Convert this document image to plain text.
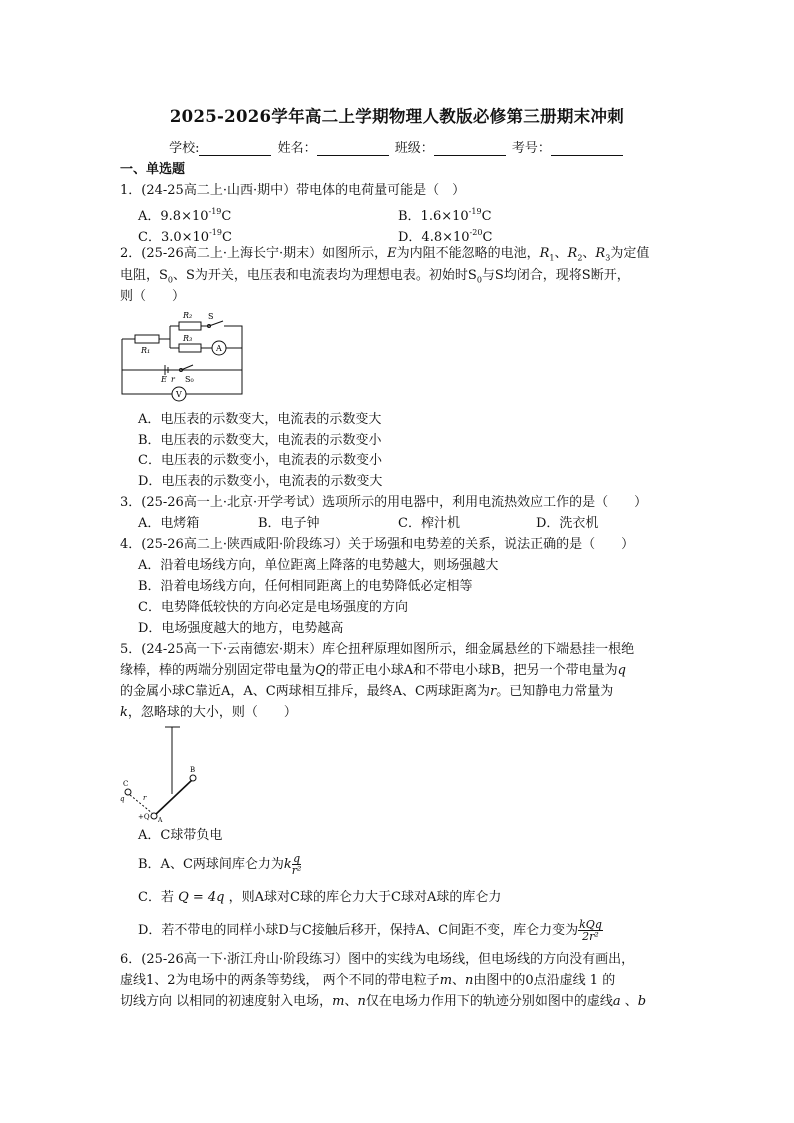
2025-2026学年高二上学期物理人教版必修第三册期末冲刺
学校:	姓名：	班级：	考号：
一、单选题
1．(24-25高二上·山西·期中）带电体的电荷量可能是（　）
A．$9.8\times 10^{-19}C$	B．$1.6\times 10^{-19}C$
C．$3.0\times 10^{-19}C$	D．$4.8\times 10^{-20}C$
2．(25-26高二上·上海长宁·期末）如图所示，E为内阻不能忽略的电池，$R_1$、$R_2$、$R_3$为定值
电阻，$S_0$、S为开关，电压表和电流表均为理想电表。初始时$S_0$与S均闭合，现将S断开，
则（　　）
R₂ S
R₁
R₃
A
E r S₀
V
A．电压表的示数变大，电流表的示数变大
B．电压表的示数变大，电流表的示数变小
C．电压表的示数变小，电流表的示数变小
D．电压表的示数变小，电流表的示数变大
3．(25-26高一上·北京·开学考试）选项所示的用电器中，利用电流热效应工作的是（　　）
A．电烤箱	B．电子钟	C．榨汁机	D．洗衣机
4．(25-26高二上·陕西咸阳·阶段练习）关于场强和电势差的关系，说法正确的是（　　）
A．沿着电场线方向，单位距离上降落的电势越大，则场强越大
B．沿着电场线方向，任何相同距离上的电势降低必定相等
C．电势降低较快的方向必定是电场强度的方向
D．电场强度越大的地方，电势越高
5．(24-25高一下·云南德宏·期末）库仑扭秤原理如图所示，细金属悬丝的下端悬挂一根绝
缘棒，棒的两端分别固定带电量为Q的带正电小球A和不带电小球B，把另一个带电量为q
的金属小球C靠近A，A、C两球相互排斥，最终A、C两球距离为r。已知静电力常量为
k，忽略球的大小，则（　　）
B
C
q	r
+Q A
A．C球带负电
B．A、C两球间库仑力为k $\frac{q}{\text{r²}}$
C．若 Q = 4q ，则A球对C球的库仑力大于C球对A球的库仑力
D．若不带电的同样小球D与C接触后移开，保持A、C间距不变，库仑力变为 $\frac{\text{kQq}}{\text{2r²}}$
6．(25-26高一下·浙江舟山·阶段练习）图中的实线为电场线，但电场线的方向没有画出，
虚线1、2为电场中的两条等势线， 两个不同的带电粒子m、n由图中的0点沿虚线 1 的
切线方向 以相同的初速度射入电场，m、n仅在电场力作用下的轨迹分别如图中的虚线a 、b
